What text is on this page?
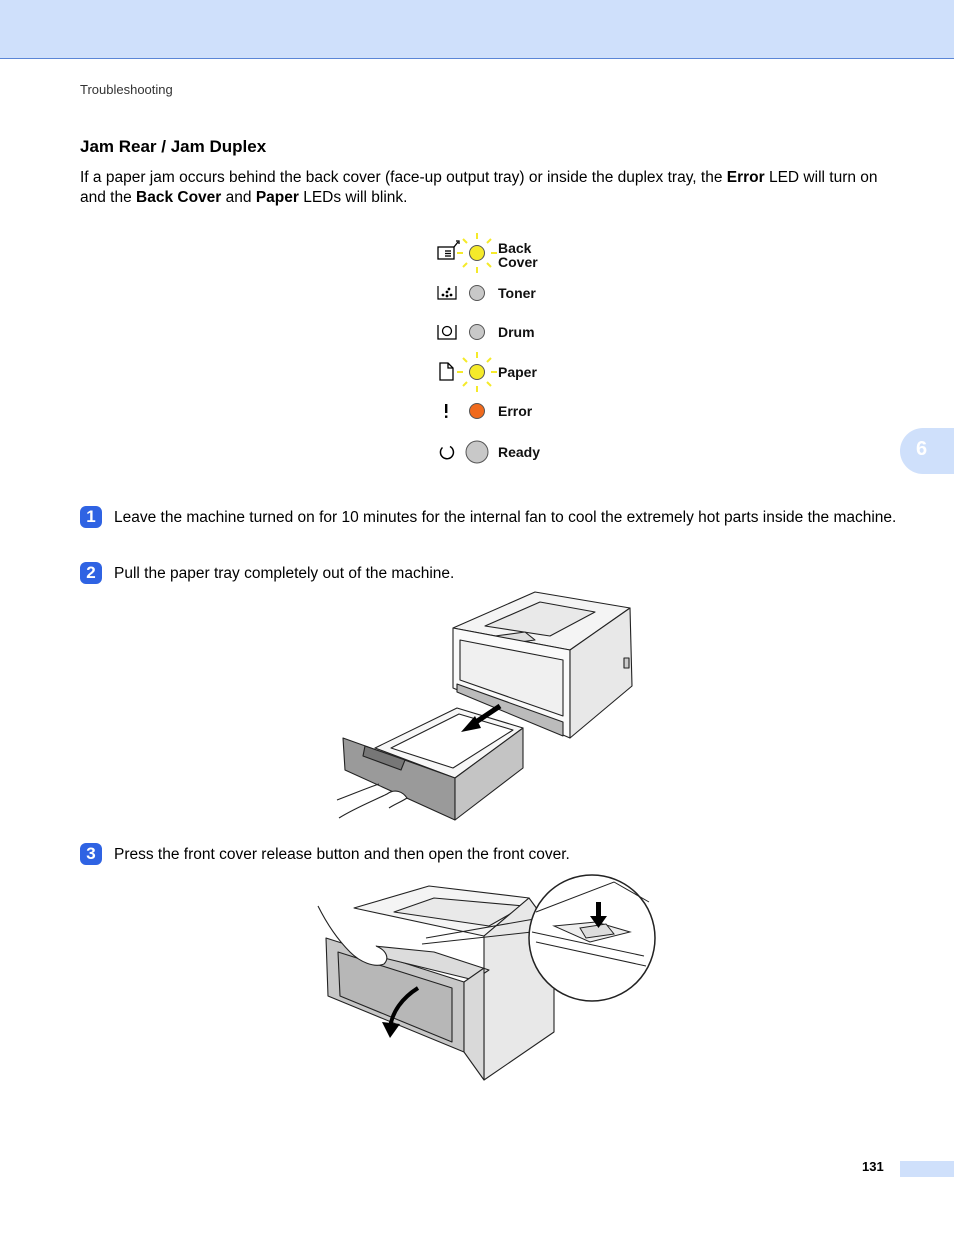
Troubleshooting
Jam Rear / Jam Duplex
If a paper jam occurs behind the back cover (face-up output tray) or inside the duplex tray, the Error LED will turn on and the Back Cover and Paper LEDs will blink.
Back
Cover
Toner
Drum
Paper
Error
Ready	6
1	Leave the machine turned on for 10 minutes for the internal fan to cool the extremely hot parts inside the machine.
2	Pull the paper tray completely out of the machine.
3	Press the front cover release button and then open the front cover.
131
